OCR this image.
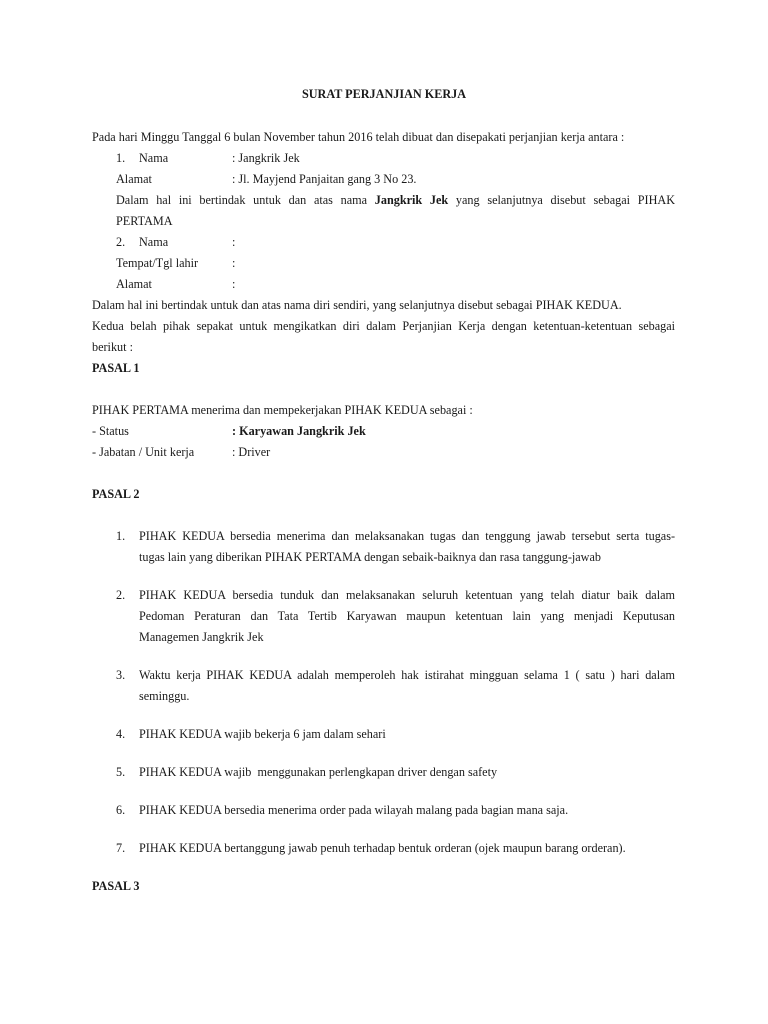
SURAT PERJANJIAN KERJA
Pada hari Minggu Tanggal 6 bulan November tahun 2016 telah dibuat dan disepakati perjanjian kerja antara :
1. Nama	: Jangkrik Jek
Alamat	: Jl. Mayjend Panjaitan gang 3 No 23.
Dalam hal ini bertindak untuk dan atas nama Jangkrik Jek yang selanjutnya disebut sebagai PIHAK
PERTAMA
2. Nama	:
Tempat/Tgl lahir	:
Alamat	:
Dalam hal ini bertindak untuk dan atas nama diri sendiri, yang selanjutnya disebut sebagai PIHAK KEDUA.
Kedua belah pihak sepakat untuk mengikatkan diri dalam Perjanjian Kerja dengan ketentuan-ketentuan sebagai
berikut :
PASAL 1
PIHAK PERTAMA menerima dan mempekerjakan PIHAK KEDUA sebagai :
- Status	: Karyawan Jangkrik Jek
- Jabatan / Unit kerja	: Driver
PASAL 2
1. PIHAK KEDUA bersedia menerima dan melaksanakan tugas dan tenggung jawab tersebut serta tugas-
tugas lain yang diberikan PIHAK PERTAMA dengan sebaik-baiknya dan rasa tanggung-jawab
2. PIHAK KEDUA bersedia tunduk dan melaksanakan seluruh ketentuan yang telah diatur baik dalam
Pedoman Peraturan dan Tata Tertib Karyawan maupun ketentuan lain yang menjadi Keputusan
Managemen Jangkrik Jek
3. Waktu kerja PIHAK KEDUA adalah memperoleh hak istirahat mingguan selama 1 ( satu ) hari dalam
seminggu.
4. PIHAK KEDUA wajib bekerja 6 jam dalam sehari
5. PIHAK KEDUA wajib  menggunakan perlengkapan driver dengan safety
6. PIHAK KEDUA bersedia menerima order pada wilayah malang pada bagian mana saja.
7. PIHAK KEDUA bertanggung jawab penuh terhadap bentuk orderan (ojek maupun barang orderan).
PASAL 3
